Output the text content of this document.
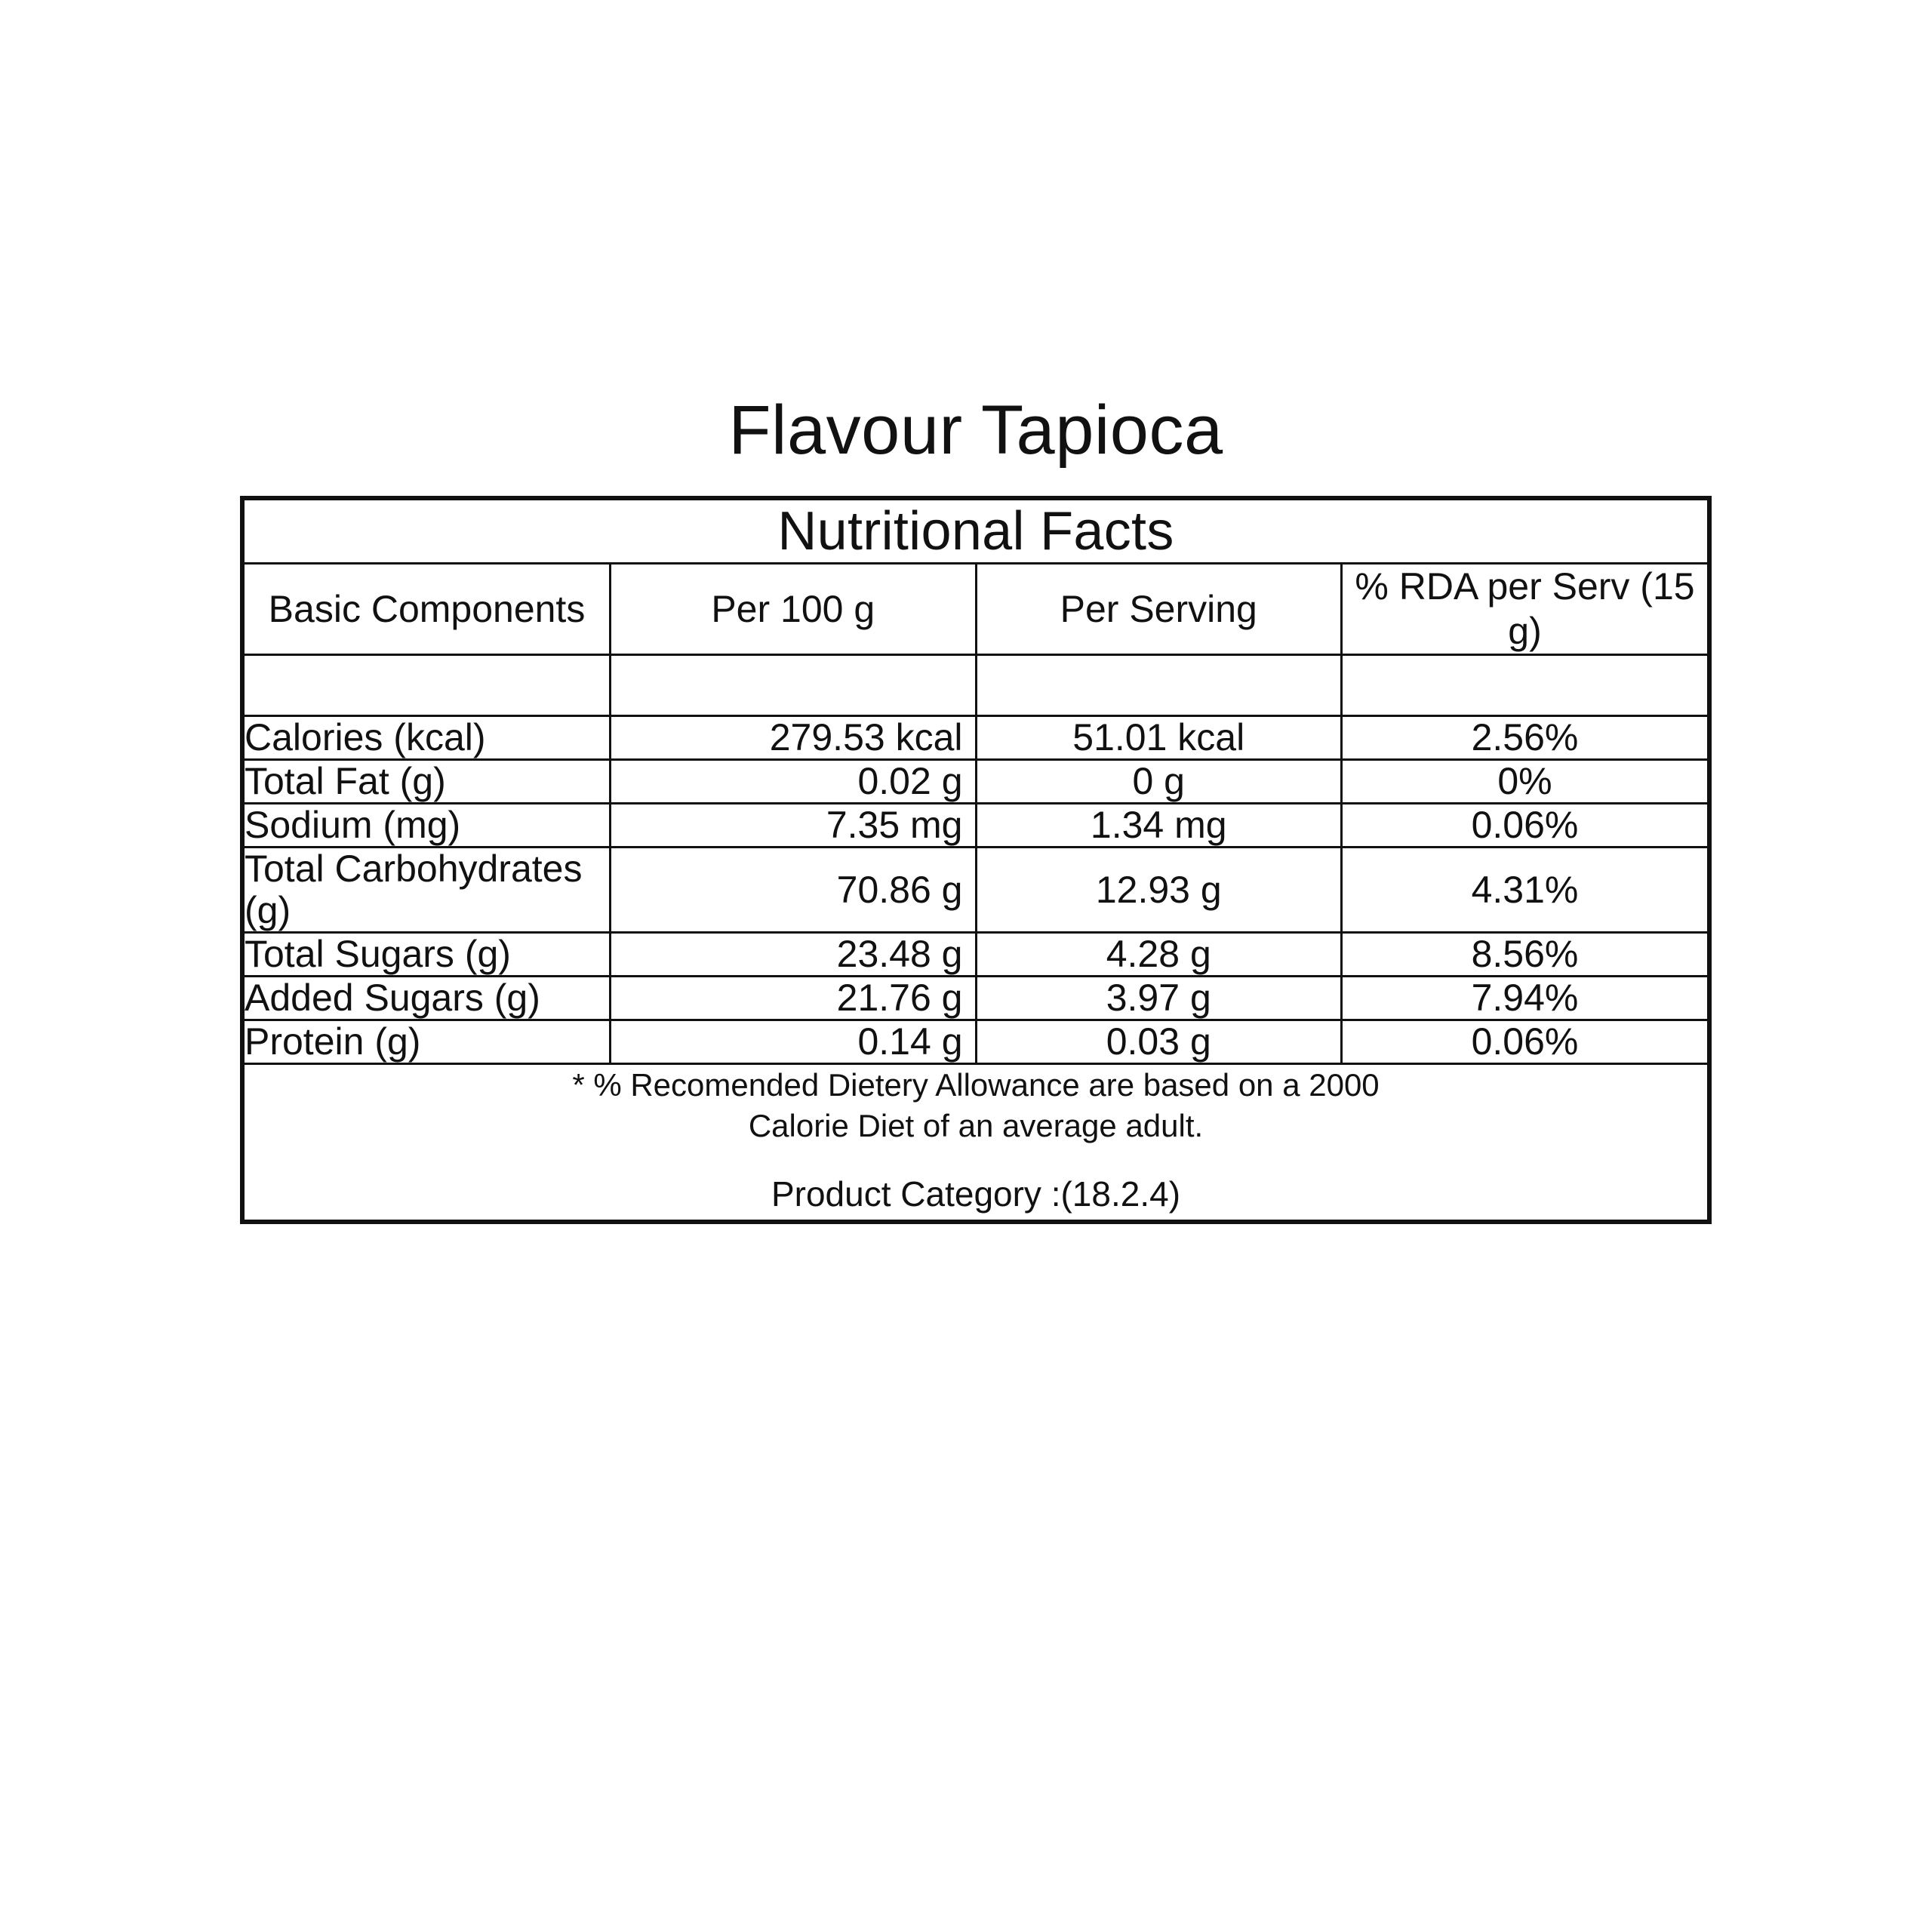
Flavour Tapioca
Nutritional Facts			
Basic Components	Per 100 g	Per Serving	% RDA per Serv (15 g)

Calories (kcal)	279.53 kcal	51.01 kcal	2.56%
Total Fat (g)	0.02 g	0 g	0%
Sodium (mg)	7.35 mg	1.34 mg	0.06%
Total Carbohydrates (g)	70.86 g	12.93 g	4.31%
Total Sugars (g)	23.48 g	4.28 g	8.56%
Added Sugars (g)	21.76 g	3.97 g	7.94%
Protein (g)	0.14 g	0.03 g	0.06%

* % Recomended Dietery Allowance are based on a 2000

Calorie Diet of an average adult.

Product Category :(18.2.4)			
